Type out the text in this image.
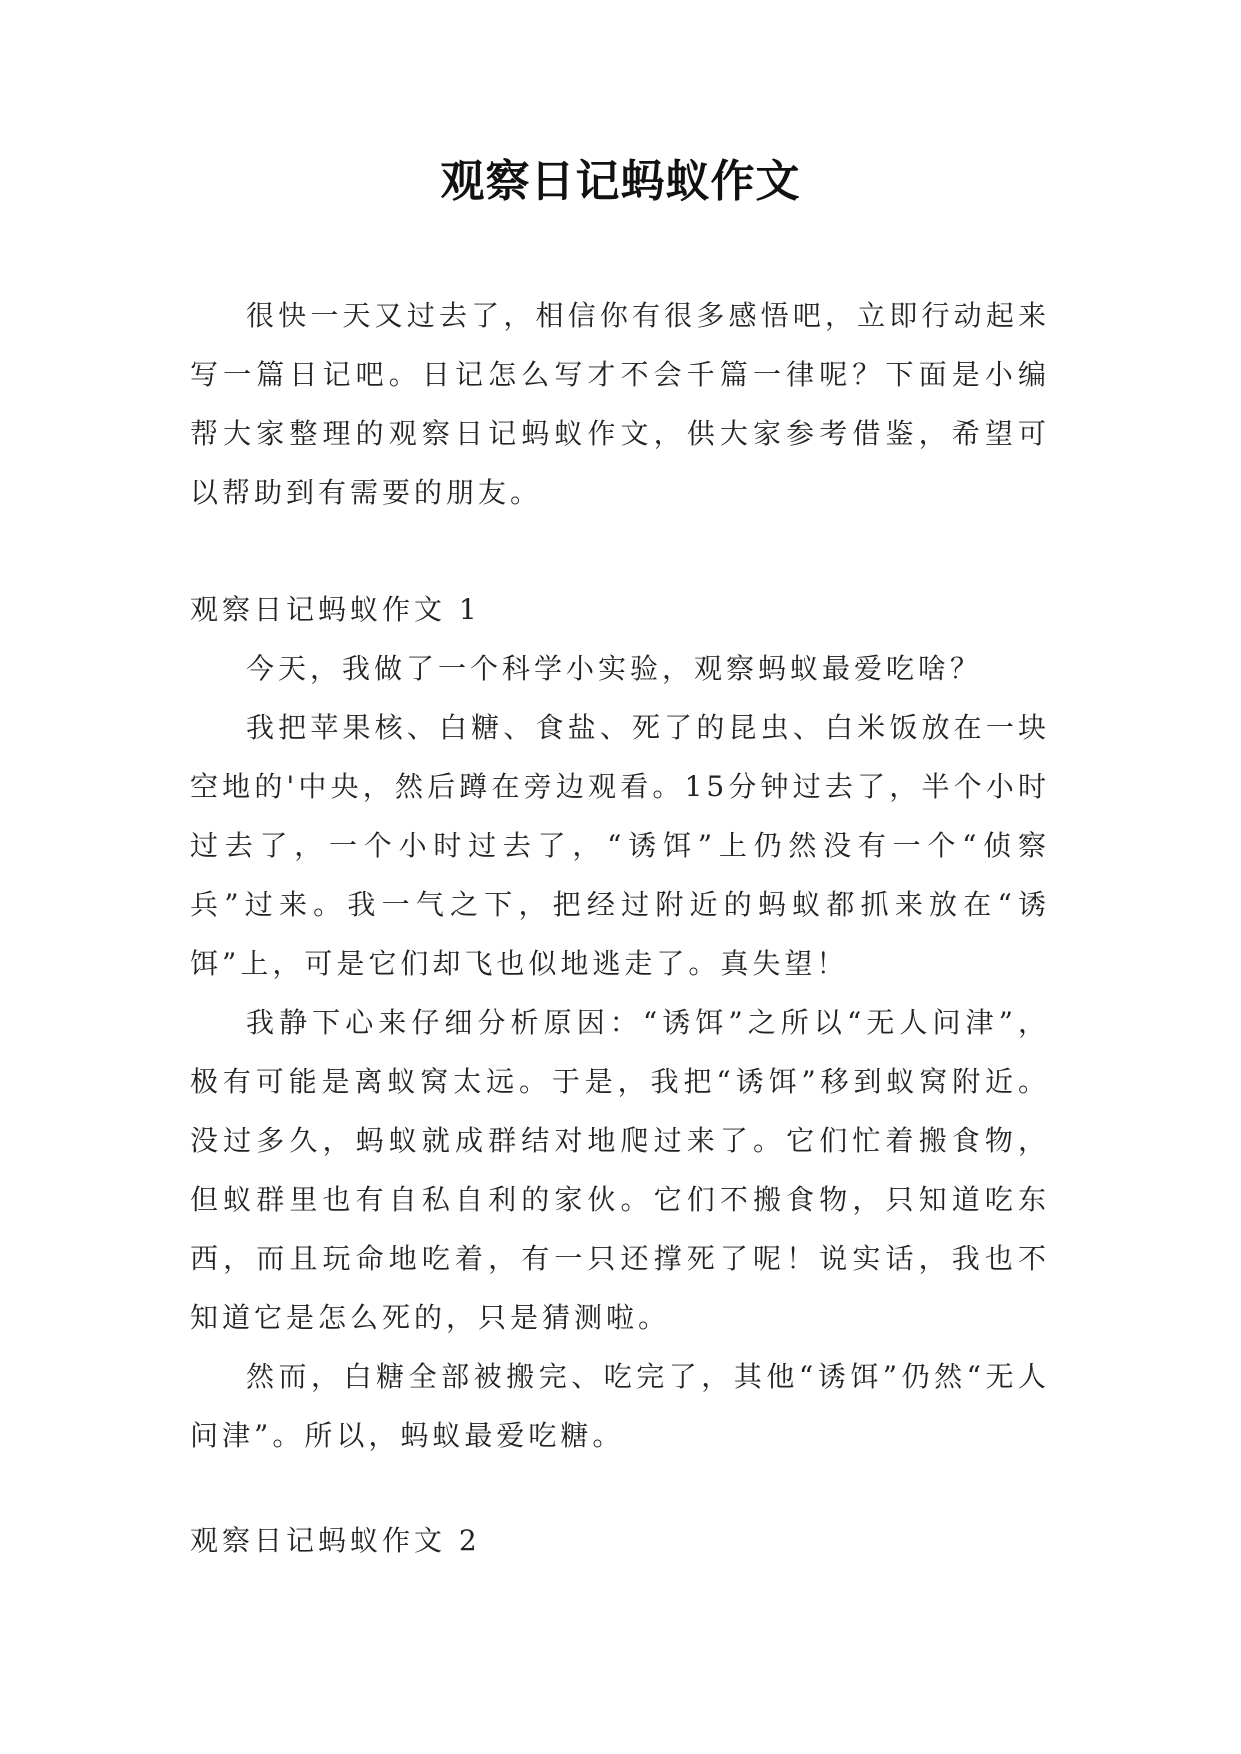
观察日记蚂蚁作文

很快一天又过去了，相信你有很多感悟吧，立即行动起来写一篇日记吧。日记怎么写才不会千篇一律呢？下面是小编帮大家整理的观察日记蚂蚁作文，供大家参考借鉴，希望可以帮助到有需要的朋友。

观察日记蚂蚁作文 1

今天，我做了一个科学小实验，观察蚂蚁最爱吃啥？

我把苹果核、白糖、食盐、死了的昆虫、白米饭放在一块空地的'中央，然后蹲在旁边观看。15分钟过去了，半个小时过去了，一个小时过去了，“诱饵”上仍然没有一个“侦察兵”过来。我一气之下，把经过附近的蚂蚁都抓来放在“诱饵”上，可是它们却飞也似地逃走了。真失望！

我静下心来仔细分析原因：“诱饵”之所以“无人问津”，极有可能是离蚁窝太远。于是，我把“诱饵”移到蚁窝附近。没过多久，蚂蚁就成群结对地爬过来了。它们忙着搬食物，但蚁群里也有自私自利的家伙。它们不搬食物，只知道吃东西，而且玩命地吃着，有一只还撑死了呢！说实话，我也不知道它是怎么死的，只是猜测啦。

然而，白糖全部被搬完、吃完了，其他“诱饵”仍然“无人问津”。所以，蚂蚁最爱吃糖。

观察日记蚂蚁作文 2
